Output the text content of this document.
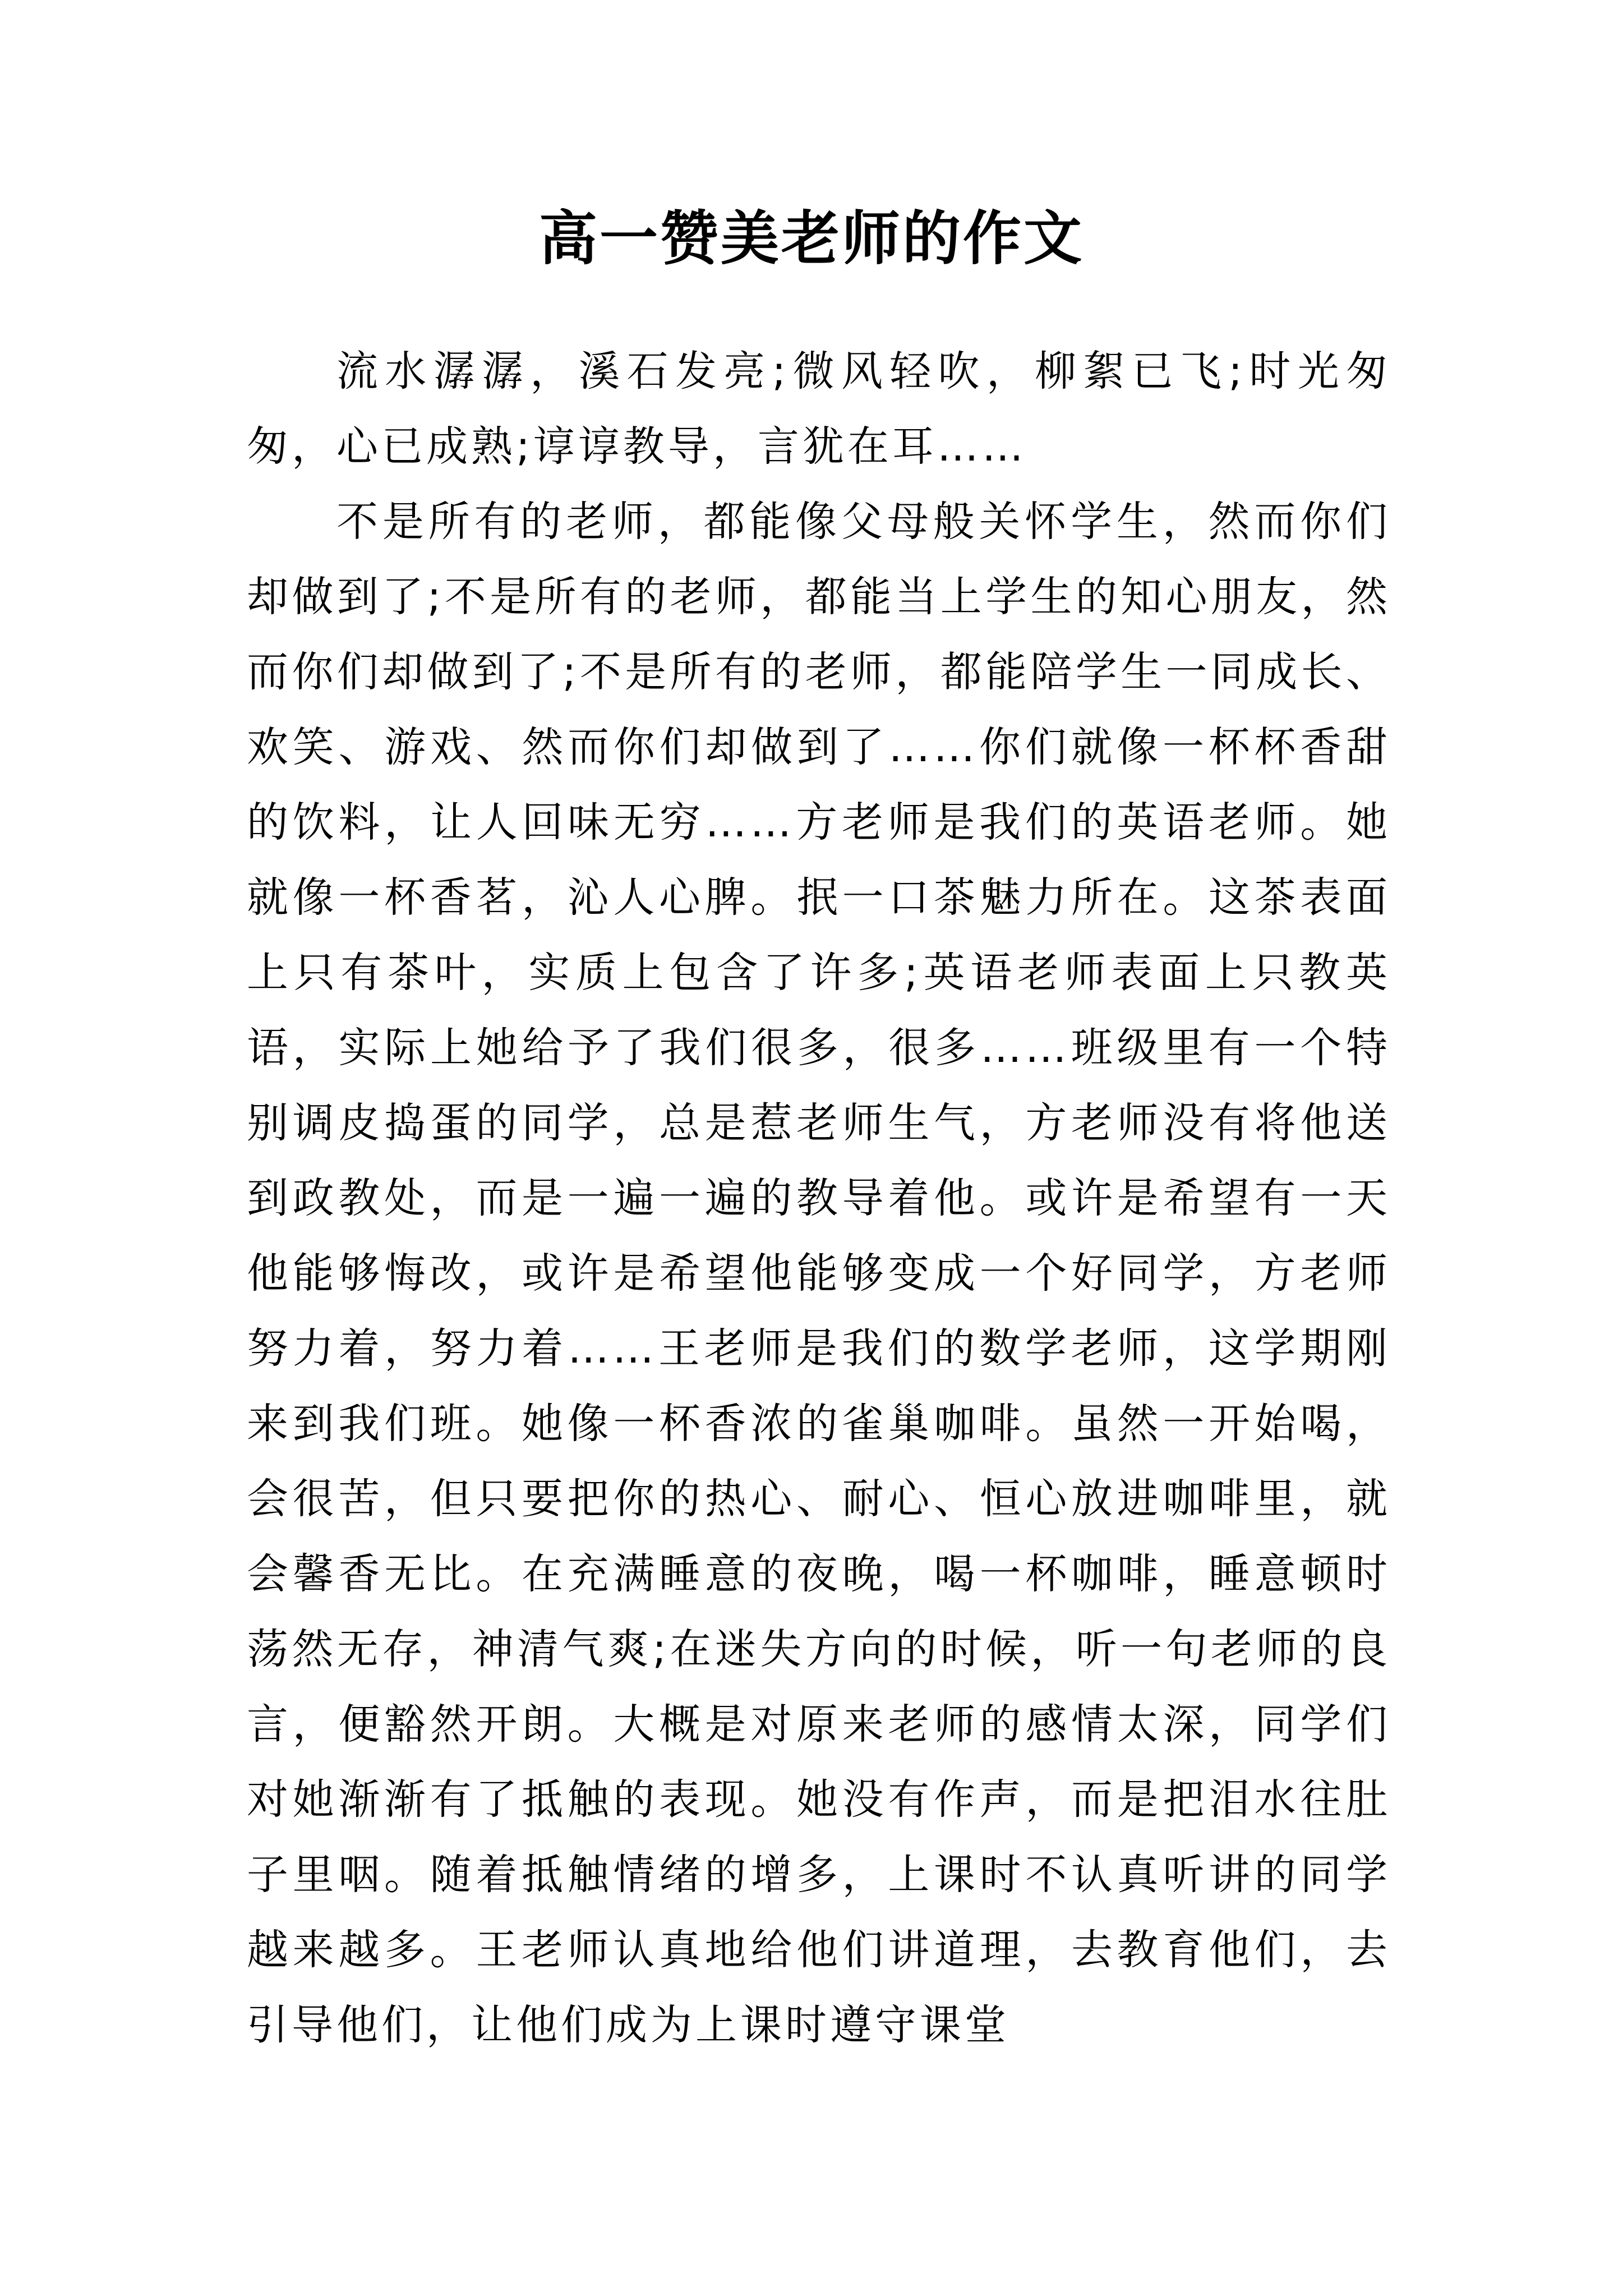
高一赞美老师的作文

流水潺潺，溪石发亮;微风轻吹，柳絮已飞;时光匆匆，心已成熟;谆谆教导，言犹在耳……

不是所有的老师，都能像父母般关怀学生，然而你们却做到了;不是所有的老师，都能当上学生的知心朋友，然而你们却做到了;不是所有的老师，都能陪学生一同成长、欢笑、游戏、然而你们却做到了……你们就像一杯杯香甜的饮料，让人回味无穷……方老师是我们的英语老师。她就像一杯香茗，沁人心脾。抿一口茶魅力所在。这茶表面上只有茶叶，实质上包含了许多;英语老师表面上只教英语，实际上她给予了我们很多，很多……班级里有一个特别调皮捣蛋的同学，总是惹老师生气，方老师没有将他送到政教处，而是一遍一遍的教导着他。或许是希望有一天他能够悔改，或许是希望他能够变成一个好同学，方老师努力着，努力着……王老师是我们的数学老师，这学期刚来到我们班。她像一杯香浓的雀巢咖啡。虽然一开始喝，会很苦，但只要把你的热心、耐心、恒心放进咖啡里，就会馨香无比。在充满睡意的夜晚，喝一杯咖啡，睡意顿时荡然无存，神清气爽;在迷失方向的时候，听一句老师的良言，便豁然开朗。大概是对原来老师的感情太深，同学们对她渐渐有了抵触的表现。她没有作声，而是把泪水往肚子里咽。随着抵触情绪的增多，上课时不认真听讲的同学越来越多。王老师认真地给他们讲道理，去教育他们，去引导他们，让他们成为上课时遵守课堂
